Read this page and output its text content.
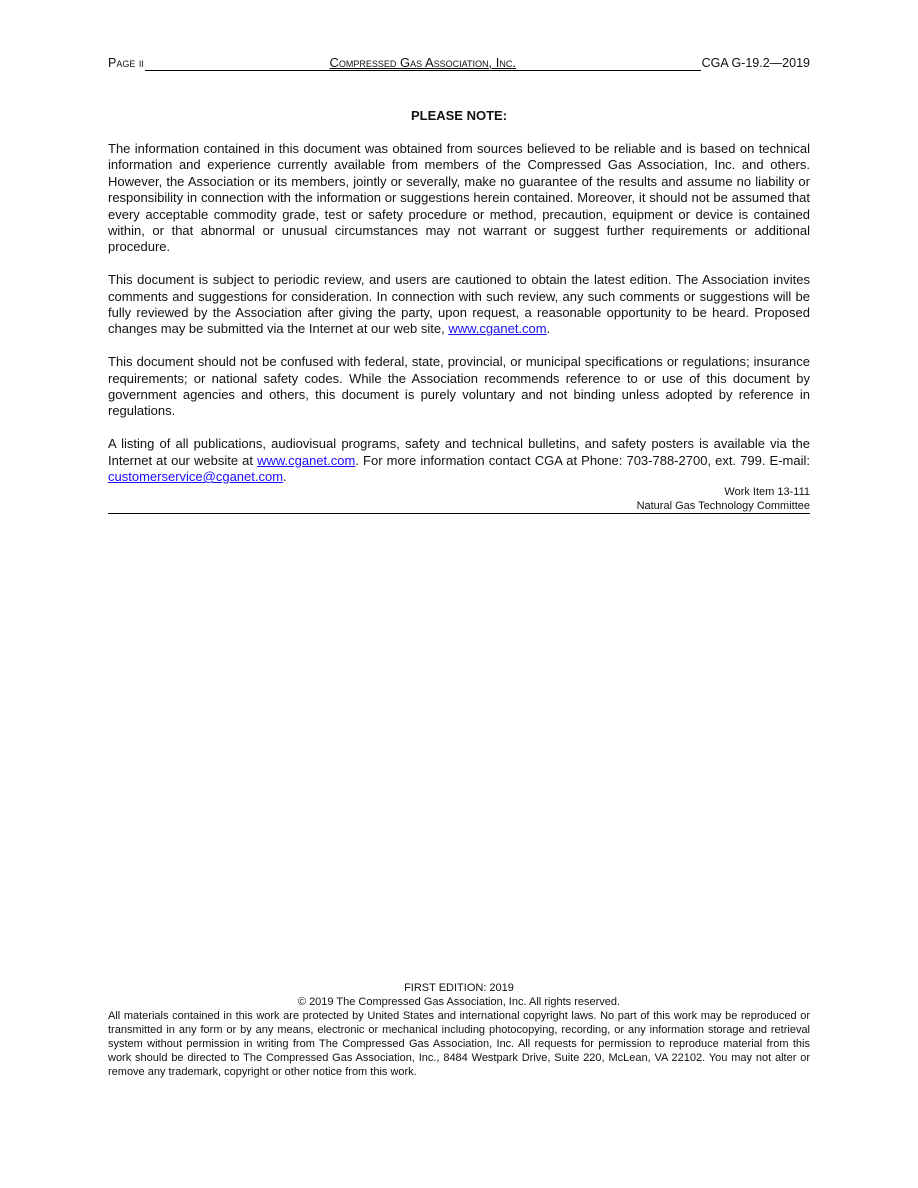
Page ii	Compressed Gas Association, Inc.	CGA G-19.2—2019
PLEASE NOTE:

The information contained in this document was obtained from sources believed to be reliable and is based on technical information and experience currently available from members of the Compressed Gas Association, Inc. and others. However, the Association or its members, jointly or severally, make no guarantee of the results and assume no liability or responsibility in connection with the information or suggestions herein contained. Moreover, it should not be assumed that every acceptable commodity grade, test or safety procedure or method, precaution, equipment or device is contained within, or that abnormal or unusual circumstances may not warrant or suggest further requirements or additional procedure.

This document is subject to periodic review, and users are cautioned to obtain the latest edition. The Association invites comments and suggestions for consideration. In connection with such review, any such comments or suggestions will be fully reviewed by the Association after giving the party, upon request, a reasonable opportunity to be heard. Proposed changes may be submitted via the Internet at our web site, www.cganet.com.

This document should not be confused with federal, state, provincial, or municipal specifications or regulations; insurance requirements; or national safety codes. While the Association recommends reference to or use of this document by government agencies and others, this document is purely voluntary and not binding unless adopted by reference in regulations.

A listing of all publications, audiovisual programs, safety and technical bulletins, and safety posters is available via the Internet at our website at www.cganet.com. For more information contact CGA at Phone: 703-788-2700, ext. 799. E-mail: customerservice@cganet.com.

Work Item 13-111
Natural Gas Technology Committee
FIRST EDITION: 2019
© 2019 The Compressed Gas Association, Inc. All rights reserved.
All materials contained in this work are protected by United States and international copyright laws. No part of this work may be reproduced or transmitted in any form or by any means, electronic or mechanical including photocopying, recording, or any information storage and retrieval system without permission in writing from The Compressed Gas Association, Inc. All requests for permission to reproduce material from this work should be directed to The Compressed Gas Association, Inc., 8484 Westpark Drive, Suite 220, McLean, VA 22102. You may not alter or remove any trademark, copyright or other notice from this work.
